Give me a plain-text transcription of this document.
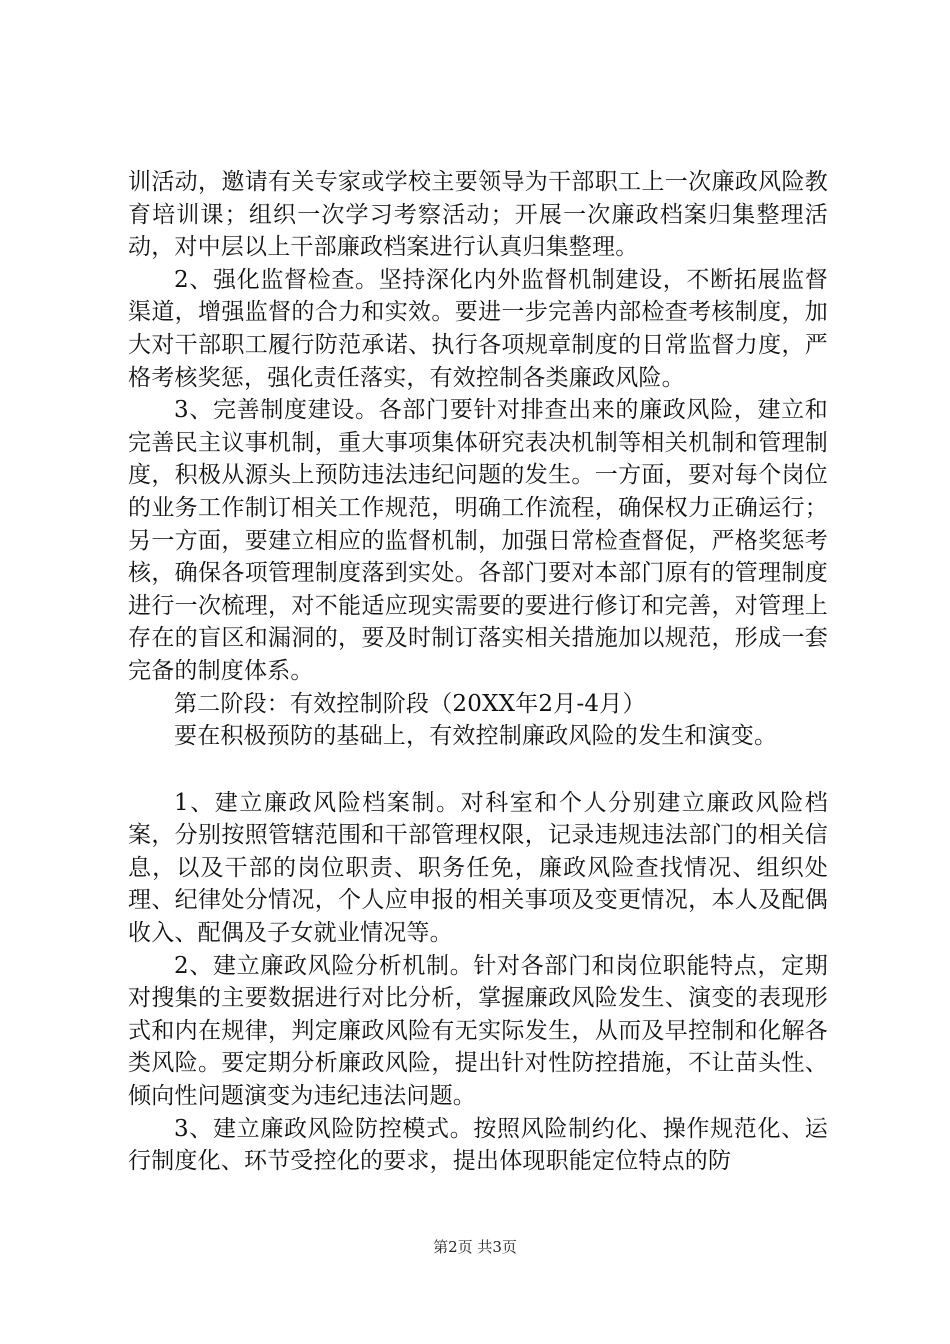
训活动，邀请有关专家或学校主要领导为干部职工上一次廉政风险教育培训课；组织一次学习考察活动；开展一次廉政档案归集整理活动，对中层以上干部廉政档案进行认真归集整理。

2、强化监督检查。坚持深化内外监督机制建设，不断拓展监督渠道，增强监督的合力和实效。要进一步完善内部检查考核制度，加大对干部职工履行防范承诺、执行各项规章制度的日常监督力度，严格考核奖惩，强化责任落实，有效控制各类廉政风险。

3、完善制度建设。各部门要针对排查出来的廉政风险，建立和完善民主议事机制，重大事项集体研究表决机制等相关机制和管理制度，积极从源头上预防违法违纪问题的发生。一方面，要对每个岗位的业务工作制订相关工作规范，明确工作流程，确保权力正确运行；另一方面，要建立相应的监督机制，加强日常检查督促，严格奖惩考核，确保各项管理制度落到实处。各部门要对本部门原有的管理制度进行一次梳理，对不能适应现实需要的要进行修订和完善，对管理上存在的盲区和漏洞的，要及时制订落实相关措施加以规范，形成一套完备的制度体系。

第二阶段：有效控制阶段（20XX年2月-4月）

要在积极预防的基础上，有效控制廉政风险的发生和演变。

1、建立廉政风险档案制。对科室和个人分别建立廉政风险档案，分别按照管辖范围和干部管理权限，记录违规违法部门的相关信息，以及干部的岗位职责、职务任免，廉政风险查找情况、组织处理、纪律处分情况，个人应申报的相关事项及变更情况，本人及配偶收入、配偶及子女就业情况等。

2、建立廉政风险分析机制。针对各部门和岗位职能特点，定期对搜集的主要数据进行对比分析，掌握廉政风险发生、演变的表现形式和内在规律，判定廉政风险有无实际发生，从而及早控制和化解各类风险。要定期分析廉政风险，提出针对性防控措施，不让苗头性、倾向性问题演变为违纪违法问题。

3、建立廉政风险防控模式。按照风险制约化、操作规范化、运行制度化、环节受控化的要求，提出体现职能定位特点的防

第2页 共3页
